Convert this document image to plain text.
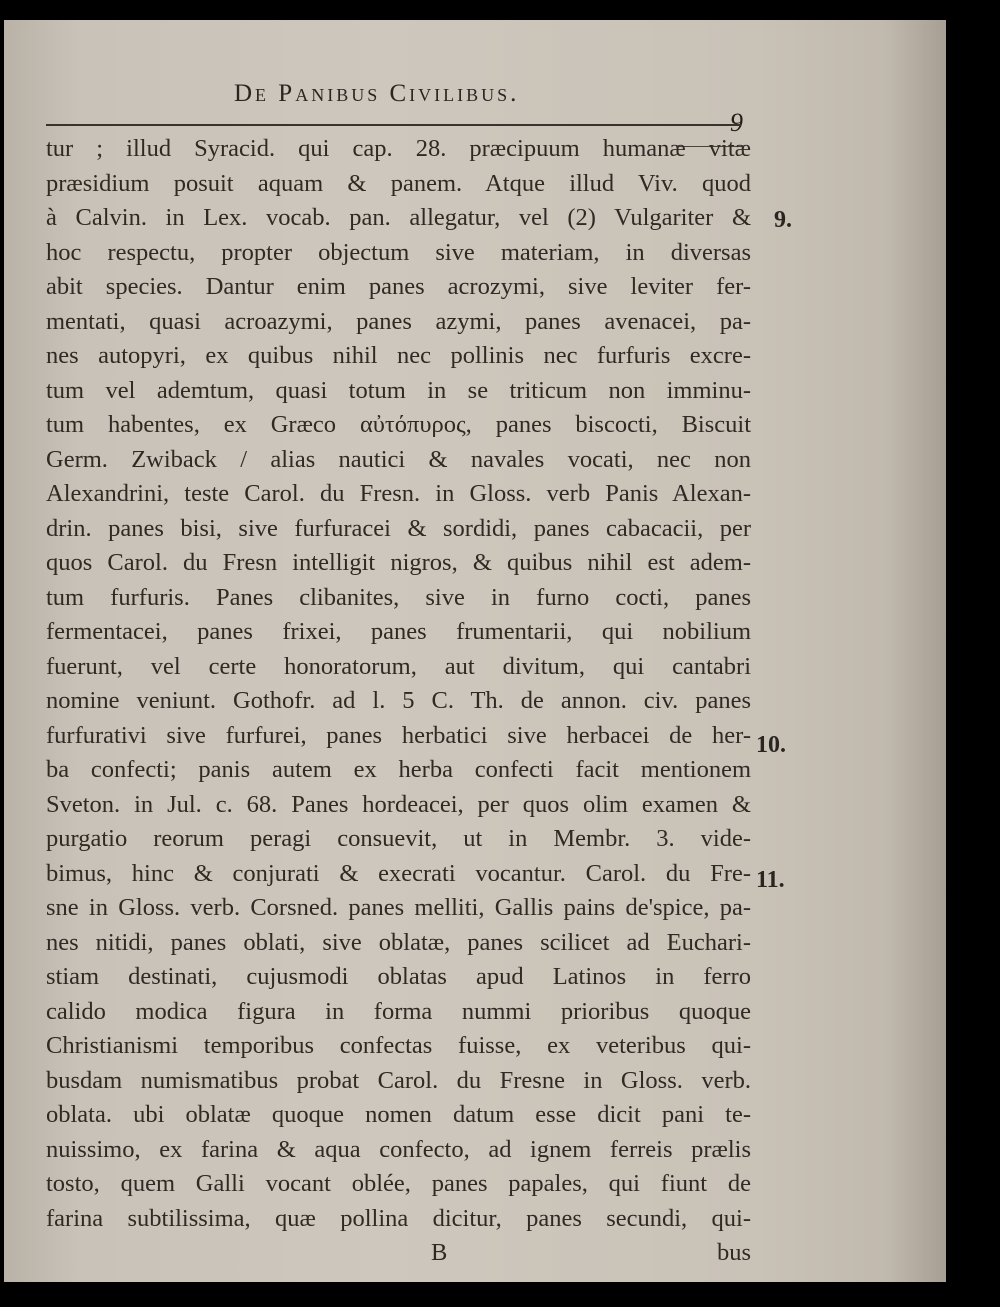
De Panibus Civilibus.
9
tur ; illud Syracid. qui cap. 28. præcipuum humanæ vitæ
præsidium posuit aquam & panem. Atque illud Viv. quod
à Calvin. in Lex. vocab. pan. allegatur, vel (2) Vulgariter &
hoc respectu, propter objectum sive materiam, in diversas
abit species. Dantur enim panes acrozymi, sive leviter fer-
mentati, quasi acroazymi, panes azymi, panes avenacei, pa-
nes autopyri, ex quibus nihil nec pollinis nec furfuris excre-
tum vel ademtum, quasi totum in se triticum non imminu-
tum habentes, ex Græco αὐτόπυρος, panes biscocti, Biscuit
Germ. Zwiback / alias nautici & navales vocati, nec non
Alexandrini, teste Carol. du Fresn. in Gloss. verb Panis Alexan-
drin. panes bisi, sive furfuracei & sordidi, panes cabacacii, per
quos Carol. du Fresn intelligit nigros, & quibus nihil est adem-
tum furfuris. Panes clibanites, sive in furno cocti, panes
fermentacei, panes frixei, panes frumentarii, qui nobilium
fuerunt, vel certe honoratorum, aut divitum, qui cantabri
nomine veniunt. Gothofr. ad l. 5 C. Th. de annon. civ. panes
furfurativi sive furfurei, panes herbatici sive herbacei de her-
ba confecti; panis autem ex herba confecti facit mentionem
Sveton. in Jul. c. 68. Panes hordeacei, per quos olim examen &
purgatio reorum peragi consuevit, ut in Membr. 3. vide-
bimus, hinc & conjurati & execrati vocantur. Carol. du Fre-
sne in Gloss. verb. Corsned. panes melliti, Gallis pains de'spice, pa-
nes nitidi, panes oblati, sive oblatæ, panes scilicet ad Euchari-
stiam destinati, cujusmodi oblatas apud Latinos in ferro
calido modica figura in forma nummi prioribus quoque
Christianismi temporibus confectas fuisse, ex veteribus qui-
busdam numismatibus probat Carol. du Fresne in Gloss. verb.
oblata. ubi oblatæ quoque nomen datum esse dicit pani te-
nuissimo, ex farina & aqua confecto, ad ignem ferreis prælis
tosto, quem Galli vocant oblée, panes papales, qui fiunt de
farina subtilissima, quæ pollina dicitur, panes secundi, qui-
B	bus
9.
10.
11.
